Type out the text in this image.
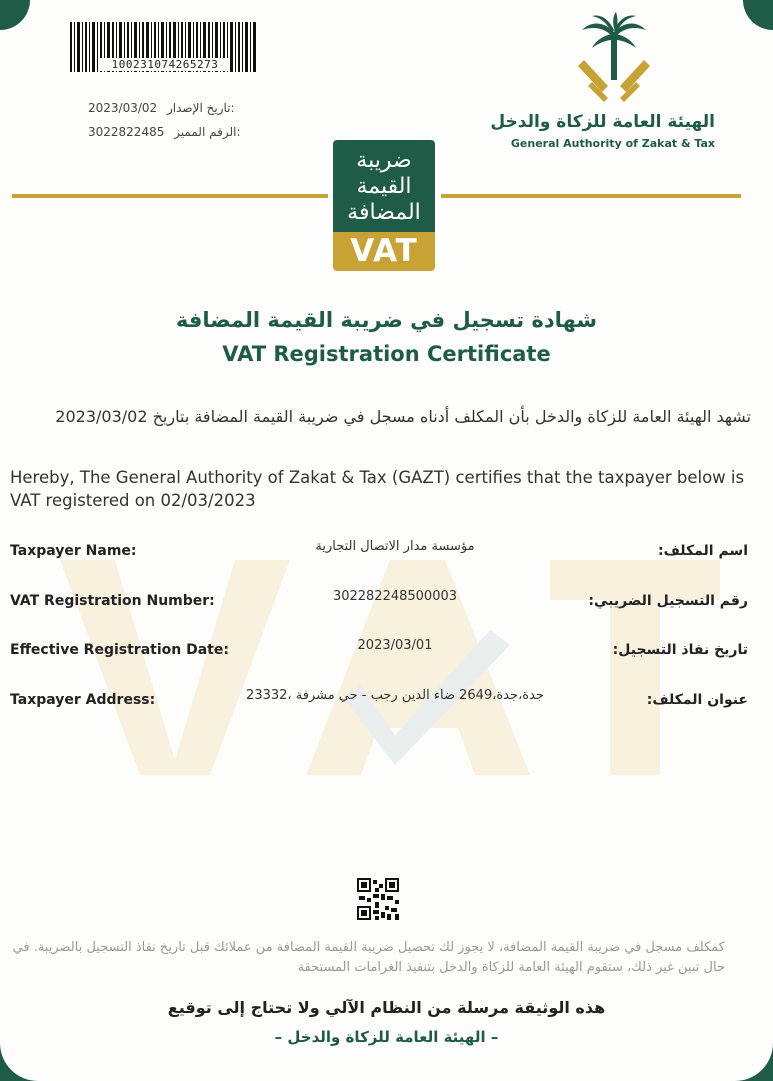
100231074265273
2023/03/02 تاريخ الإصدار:
3022822485 الرقم المميز:	الهيئة العامة للزكاة والدخل
General Authority of Zakat & Tax
ضريبة
القيمة
المضافة
VAT
شهادة تسجيل في ضريبة القيمة المضافة
VAT Registration Certificate
تشهد الهيئة العامة للزكاة والدخل بأن المكلف أدناه مسجل في ضريبة القيمة المضافة بتاريخ 2023/03/02
Hereby, The General Authority of Zakat & Tax (GAZT) certifies that the taxpayer below is VAT registered on 02/03/2023
Taxpayer Name:	مؤسسة مدار الاتصال التجارية	اسم المكلف:
VAT Registration Number:	302282248500003	رقم التسجيل الضريبي:
Effective Registration Date:	2023/03/01	تاريخ نفاذ التسجيل:
Taxpayer Address:	جدة،جدة،2649 ضاء الدين رجب - حي مشرفة ،23332	عنوان المكلف:
كمكلف مسجل في ضريبة القيمة المضافة، لا يجوز لك تحصيل ضريبة القيمة المضافة من عملائك قبل تاريخ نفاذ التسجيل بالضريبة. في حال تبين غير ذلك، ستقوم الهيئة العامة للزكاة والدخل بتنفيذ الغرامات المستحقة
هذه الوثيقة مرسلة من النظام الآلي ولا تحتاج إلى توقيع
– الهيئة العامة للزكاة والدخل –
